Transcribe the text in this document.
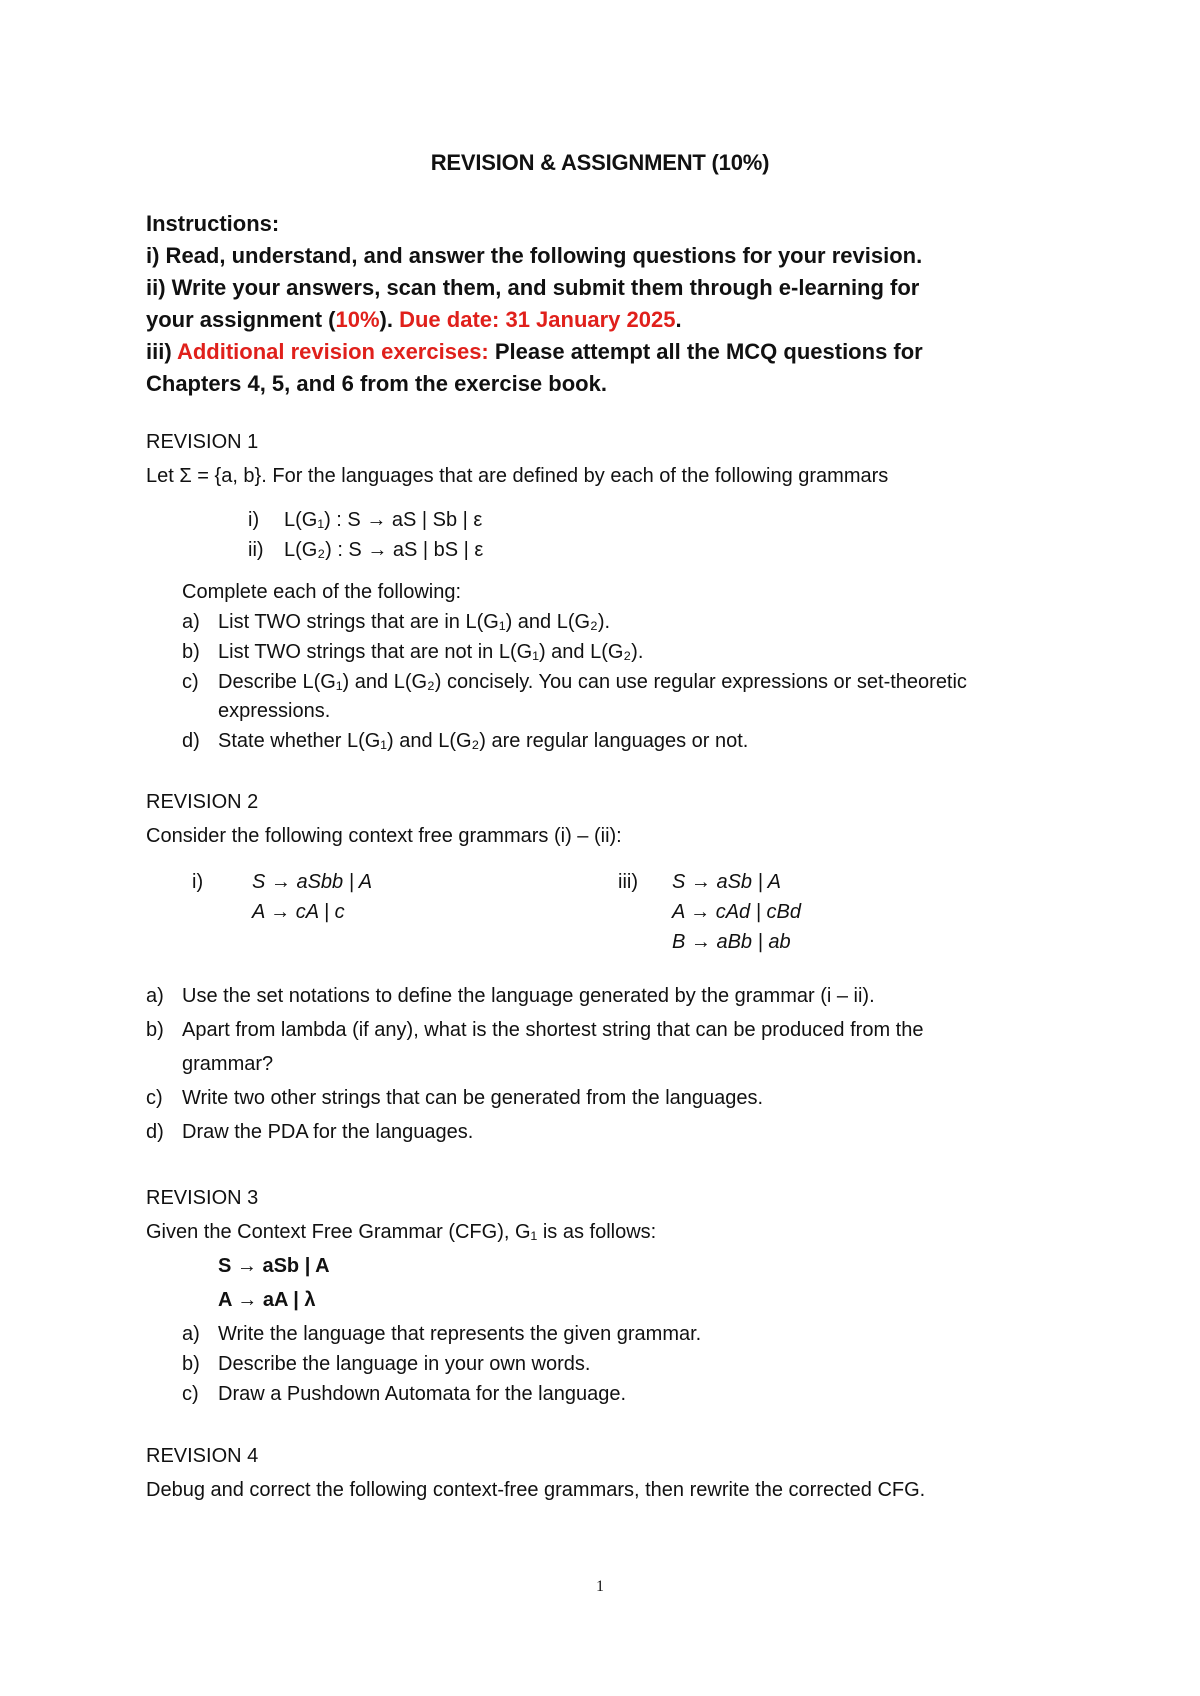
REVISION & ASSIGNMENT (10%)
Instructions:
i) Read, understand, and answer the following questions for your revision.
ii) Write your answers, scan them, and submit them through e-learning for
your assignment (10%). Due date: 31 January 2025.
iii) Additional revision exercises: Please attempt all the MCQ questions for
Chapters 4, 5, and 6 from the exercise book.
REVISION 1
Let Σ = {a, b}. For the languages that are defined by each of the following grammars
i) L(G₁) : S → aS | Sb | ε
ii) L(G₂) : S → aS | bS | ε
Complete each of the following:
a) List TWO strings that are in L(G₁) and L(G₂).
b) List TWO strings that are not in L(G₁) and L(G₂).
c) Describe L(G₁) and L(G₂) concisely. You can use regular expressions or set-theoretic
expressions.
d) State whether L(G₁) and L(G₂) are regular languages or not.
REVISION 2
Consider the following context free grammars (i) – (ii):
i) S → aSbb | A
A → cA | c
iii) S → aSb | A
A → cAd | cBd
B → aBb | ab
a) Use the set notations to define the language generated by the grammar (i – ii).
b) Apart from lambda (if any), what is the shortest string that can be produced from the
grammar?
c) Write two other strings that can be generated from the languages.
d) Draw the PDA for the languages.
REVISION 3
Given the Context Free Grammar (CFG), G₁ is as follows:
S → aSb | A
A → aA | λ
a) Write the language that represents the given grammar.
b) Describe the language in your own words.
c) Draw a Pushdown Automata for the language.
REVISION 4
Debug and correct the following context-free grammars, then rewrite the corrected CFG.
1
